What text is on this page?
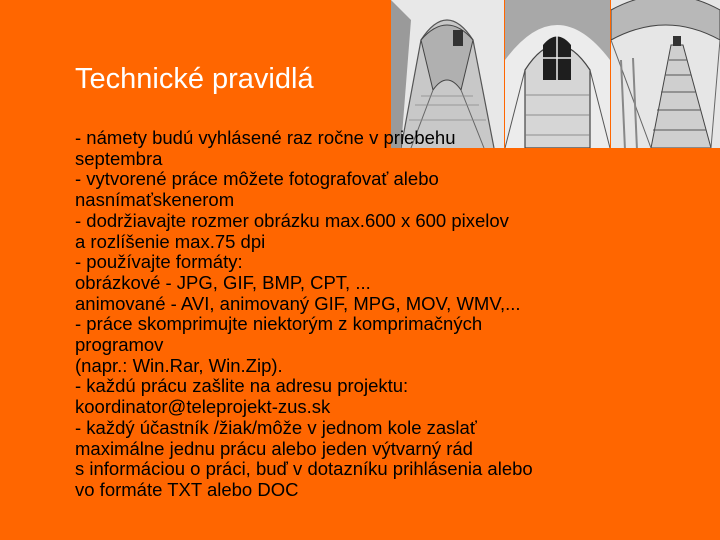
Technické pravidlá
- námety budú vyhlásené raz ročne v priebehu
septembra
- vytvorené práce môžete fotografovať alebo
nasnímaťskenerom
- dodržiavajte rozmer obrázku max.600 x 600 pixelov
a rozlíšenie max.75 dpi
- používajte formáty:
obrázkové - JPG, GIF, BMP, CPT, ...
animované - AVI, animovaný GIF, MPG, MOV, WMV,...
- práce skomprimujte niektorým z komprimačných
programov
(napr.: Win.Rar, Win.Zip).
- každú prácu zašlite na adresu projektu:
koordinator@teleprojekt-zus.sk
- každý účastník /žiak/môže v jednom kole zaslať
maximálne jednu prácu alebo jeden výtvarný rád
s informáciou o práci, buď v dotazníku prihlásenia alebo
vo formáte TXT alebo DOC
